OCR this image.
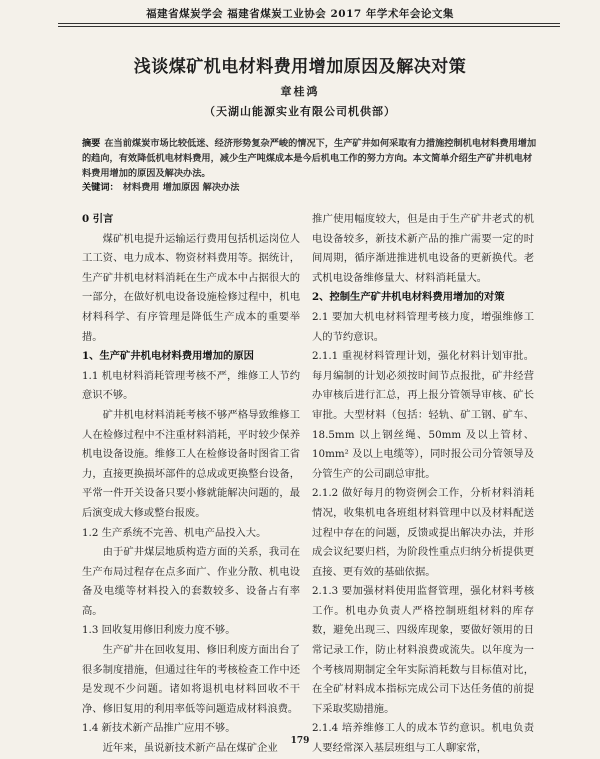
福建省煤炭学会 福建省煤炭工业协会 2017 年学术年会论文集
浅谈煤矿机电材料费用增加原因及解决对策
章桂鸿
（天湖山能源实业有限公司机供部）
摘要 在当前煤炭市场比较低迷、经济形势复杂严峻的情况下，生产矿井如何采取有力措施控制机电材料费用增加的趋向，有效降低机电材料费用，减少生产吨煤成本是今后机电工作的努力方向。本文简单介绍生产矿井机电材料费用增加的原因及解决办法。
关键词： 材料费用 增加原因 解决办法

0 引言

煤矿机电提升运输运行费用包括机运岗位人工工资、电力成本、物资材料费用等。据统计，生产矿井机电材料消耗在生产成本中占据很大的一部分，在做好机电设备设施检修过程中，机电材料科学、有序管理是降低生产成本的重要举措。

1、生产矿井机电材料费用增加的原因

1.1 机电材料消耗管理考核不严，维修工人节约意识不够。

矿井机电材料消耗考核不够严格导致维修工人在检修过程中不注重材料消耗，平时较少保养机电设备设施。维修工人在检修设备时图省工省力，直接更换损坏部件的总成或更换整台设备，平常一件开关设备只要小修就能解决问题的，最后演变成大修或整台报废。

1.2 生产系统不完善、机电产品投入大。

由于矿井煤层地质构造方面的关系，我司在生产布局过程存在点多面广、作业分散、机电设备及电缆等材料投入的套数较多、设备占有率高。

1.3 回收复用修旧利废力度不够。

生产矿井在回收复用、修旧利废方面出台了很多制度措施，但通过往年的考核检查工作中还是发现不少问题。诸如将退机电材料回收不干净、修旧复用的利用率低等问题造成材料浪费。

1.4 新技术新产品推广应用不够。

近年来，虽说新技术新产品在煤矿企业

推广使用幅度较大，但是由于生产矿井老式的机电设备较多，新技术新产品的推广需要一定的时间周期，循序渐进推进机电设备的更新换代。老式机电设备维修量大、材料消耗量大。

2、控制生产矿井机电材料费用增加的对策

2.1 要加大机电材料管理考核力度，增强维修工人的节约意识。

2.1.1 重视材料管理计划，强化材料计划审批。每月编制的计划必须按时间节点报批，矿井经营办审核后进行汇总，再上报分管领导审核、矿长审批。大型材料（包括：轻轨、矿工钢、矿车、18.5mm 以上钢丝绳、50mm 及以上管材、10mm² 及以上电缆等），同时报公司分管领导及分管生产的公司副总审批。

2.1.2 做好每月的物资例会工作，分析材料消耗情况，收集机电各班组材料管理中以及材料配送过程中存在的问题，反馈或提出解决办法，并形成会议纪要归档，为阶段性重点归纳分析提供更直接、更有效的基础依据。

2.1.3 要加强材料使用监督管理，强化材料考核工作。机电办负责人严格控制班组材料的库存数，避免出现三、四级库现象，要做好领用的日常记录工作，防止材料浪费或流失。以年度为一个考核周期制定全年实际消耗数与目标值对比，在全矿材料成本指标完成公司下达任务值的前提下采取奖励措施。

2.1.4 培养维修工人的成本节约意识。机电负责人要经常深入基层班组与工人聊家常，

179
